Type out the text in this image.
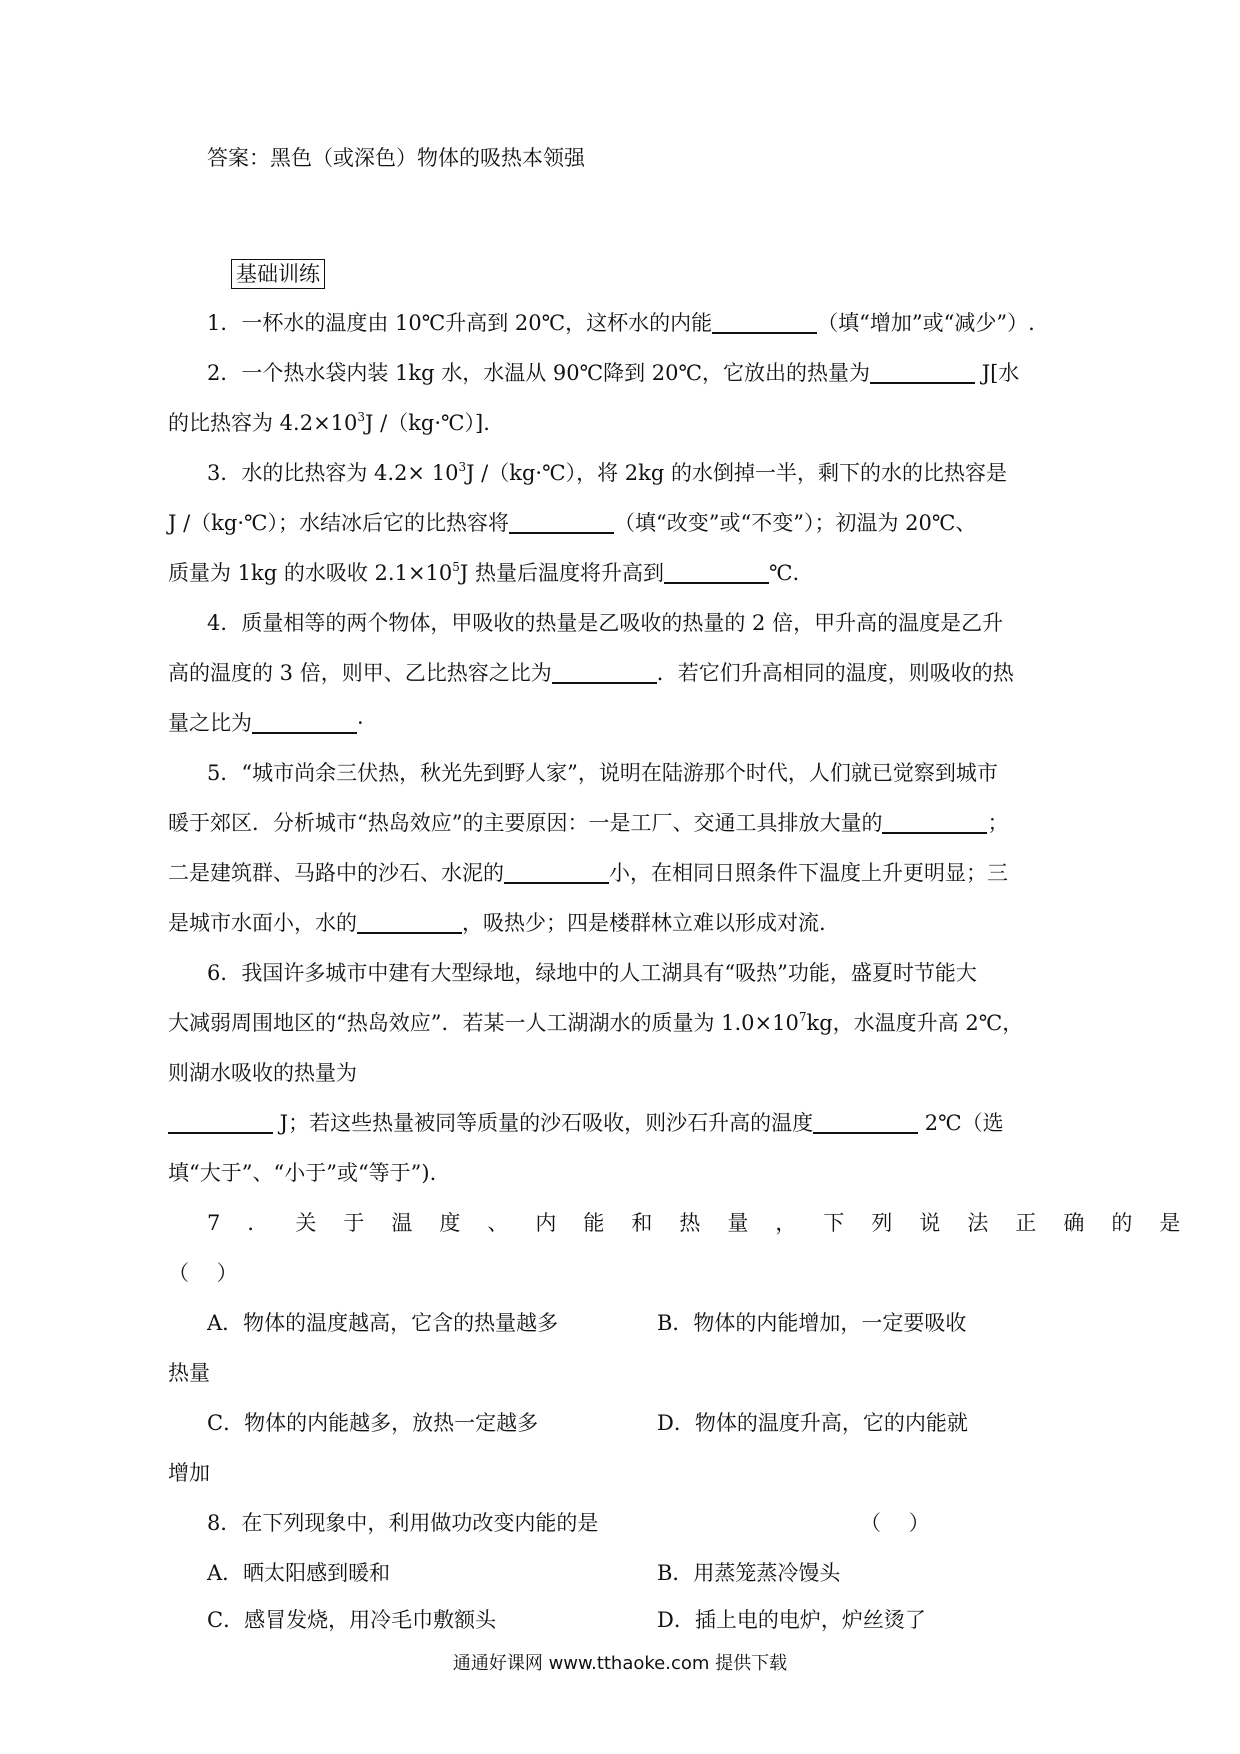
答案：黑色（或深色）物体的吸热本领强
基础训练
1．一杯水的温度由 10℃升高到 20℃，这杯水的内能	（填“增加”或“减少”）.
2．一个热水袋内装 1kg 水，水温从 90℃降到 20℃，它放出的热量为	J[水
的比热容为 $4.2\times 10^3J$ /（kg·℃）].
3．水的比热容为 $4.2\times 10^3J$ /（kg·℃），将 2kg 的水倒掉一半，剩下的水的比热容是
J /（kg·℃）；水结冰后它的比热容将	（填“改变”或“不变”）；初温为 20℃、
质量为 1kg 的水吸收 $2.1\times 10^5J$ 热量后温度将升高到	℃.
4．质量相等的两个物体，甲吸收的热量是乙吸收的热量的 2 倍，甲升高的温度是乙升
高的温度的 3 倍，则甲、乙比热容之比为	．若它们升高相同的温度，则吸收的热
量之比为	·
5．“城市尚余三伏热，秋光先到野人家”，说明在陆游那个时代，人们就已觉察到城市
暖于郊区．分析城市“热岛效应”的主要原因：一是工厂、交通工具排放大量的	；
二是建筑群、马路中的沙石、水泥的	小，在相同日照条件下温度上升更明显；三
是城市水面小，水的	，吸热少；四是楼群林立难以形成对流.
6．我国许多城市中建有大型绿地，绿地中的人工湖具有“吸热”功能，盛夏时节能大
大减弱周围地区的“热岛效应”．若某一人工湖湖水的质量为 $1.0\times 10^7kg$，水温度升高 2℃，
则湖水吸收的热量为
J；若这些热量被同等质量的沙石吸收，则沙石升高的温度	2℃（选
填“大于”、“小于”或“等于”).
7．关于温度、内能和热量，下列说法正确的是
（　 ）
A．物体的温度越高，它含的热量越多	B．物体的内能增加，一定要吸收
热量
C．物体的内能越多，放热一定越多	D．物体的温度升高，它的内能就
增加
8．在下列现象中，利用做功改变内能的是	（　 ）
A．晒太阳感到暖和	B．用蒸笼蒸冷馒头
C．感冒发烧，用冷毛巾敷额头	D．插上电的电炉，炉丝烫了
通通好课网 www.tthaoke.com 提供下载
